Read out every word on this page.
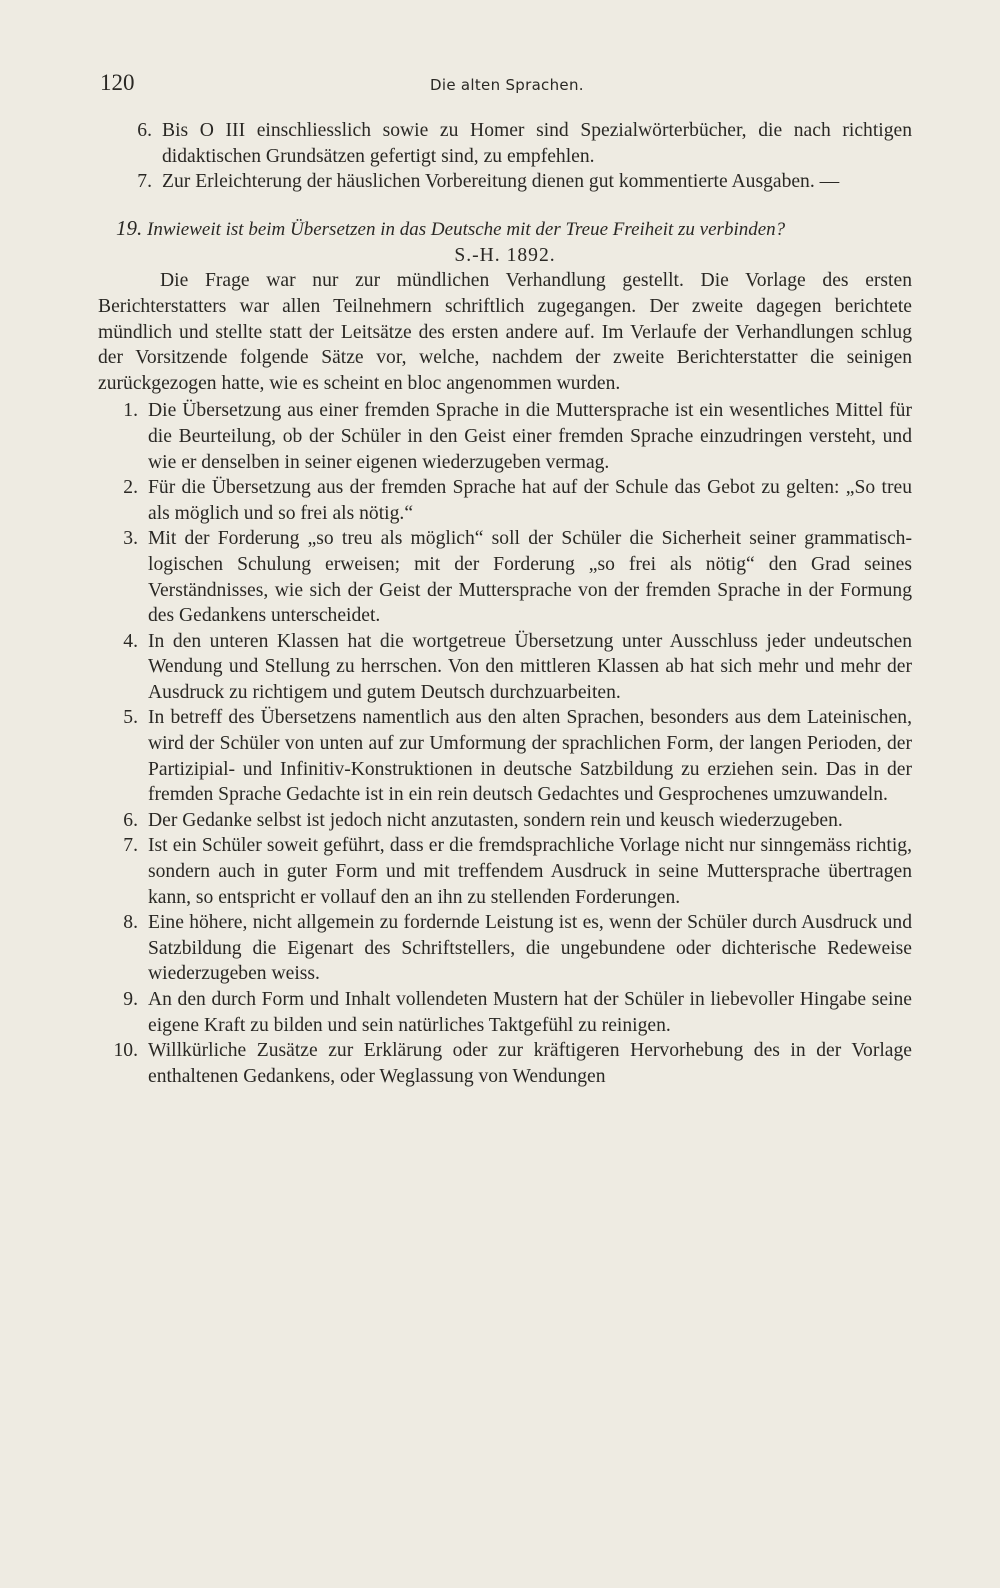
120	Die alten Sprachen.
6. Bis O III einschliesslich sowie zu Homer sind Spezialwörterbücher, die nach richtigen didaktischen Grundsätzen gefertigt sind, zu empfehlen.

7. Zur Erleichterung der häuslichen Vorbereitung dienen gut kommentierte Ausgaben. —

19. Inwieweit ist beim Übersetzen in das Deutsche mit der Treue Freiheit zu verbinden?

S.-H. 1892.

Die Frage war nur zur mündlichen Verhandlung gestellt. Die Vorlage des ersten Berichterstatters war allen Teilnehmern schriftlich zugegangen. Der zweite dagegen berichtete mündlich und stellte statt der Leitsätze des ersten andere auf. Im Verlaufe der Verhandlungen schlug der Vorsitzende folgende Sätze vor, welche, nachdem der zweite Berichterstatter die seinigen zurückgezogen hatte, wie es scheint en bloc angenommen wurden.

1. Die Übersetzung aus einer fremden Sprache in die Muttersprache ist ein wesentliches Mittel für die Beurteilung, ob der Schüler in den Geist einer fremden Sprache einzudringen versteht, und wie er denselben in seiner eigenen wiederzugeben vermag.

2. Für die Übersetzung aus der fremden Sprache hat auf der Schule das Gebot zu gelten: „So treu als möglich und so frei als nötig.“

3. Mit der Forderung „so treu als möglich“ soll der Schüler die Sicherheit seiner grammatisch-logischen Schulung erweisen; mit der Forderung „so frei als nötig“ den Grad seines Verständnisses, wie sich der Geist der Muttersprache von der fremden Sprache in der Formung des Gedankens unterscheidet.

4. In den unteren Klassen hat die wortgetreue Übersetzung unter Ausschluss jeder undeutschen Wendung und Stellung zu herrschen. Von den mittleren Klassen ab hat sich mehr und mehr der Ausdruck zu richtigem und gutem Deutsch durchzuarbeiten.

5. In betreff des Übersetzens namentlich aus den alten Sprachen, besonders aus dem Lateinischen, wird der Schüler von unten auf zur Umformung der sprachlichen Form, der langen Perioden, der Partizipial- und Infinitiv-Konstruktionen in deutsche Satzbildung zu erziehen sein. Das in der fremden Sprache Gedachte ist in ein rein deutsch Gedachtes und Gesprochenes umzuwandeln.

6. Der Gedanke selbst ist jedoch nicht anzutasten, sondern rein und keusch wiederzugeben.

7. Ist ein Schüler soweit geführt, dass er die fremdsprachliche Vorlage nicht nur sinngemäss richtig, sondern auch in guter Form und mit treffendem Ausdruck in seine Muttersprache übertragen kann, so entspricht er vollauf den an ihn zu stellenden Forderungen.

8. Eine höhere, nicht allgemein zu fordernde Leistung ist es, wenn der Schüler durch Ausdruck und Satzbildung die Eigenart des Schriftstellers, die ungebundene oder dichterische Redeweise wiederzugeben weiss.

9. An den durch Form und Inhalt vollendeten Mustern hat der Schüler in liebevoller Hingabe seine eigene Kraft zu bilden und sein natürliches Taktgefühl zu reinigen.

10. Willkürliche Zusätze zur Erklärung oder zur kräftigeren Hervorhebung des in der Vorlage enthaltenen Gedankens, oder Weglassung von Wendungen
